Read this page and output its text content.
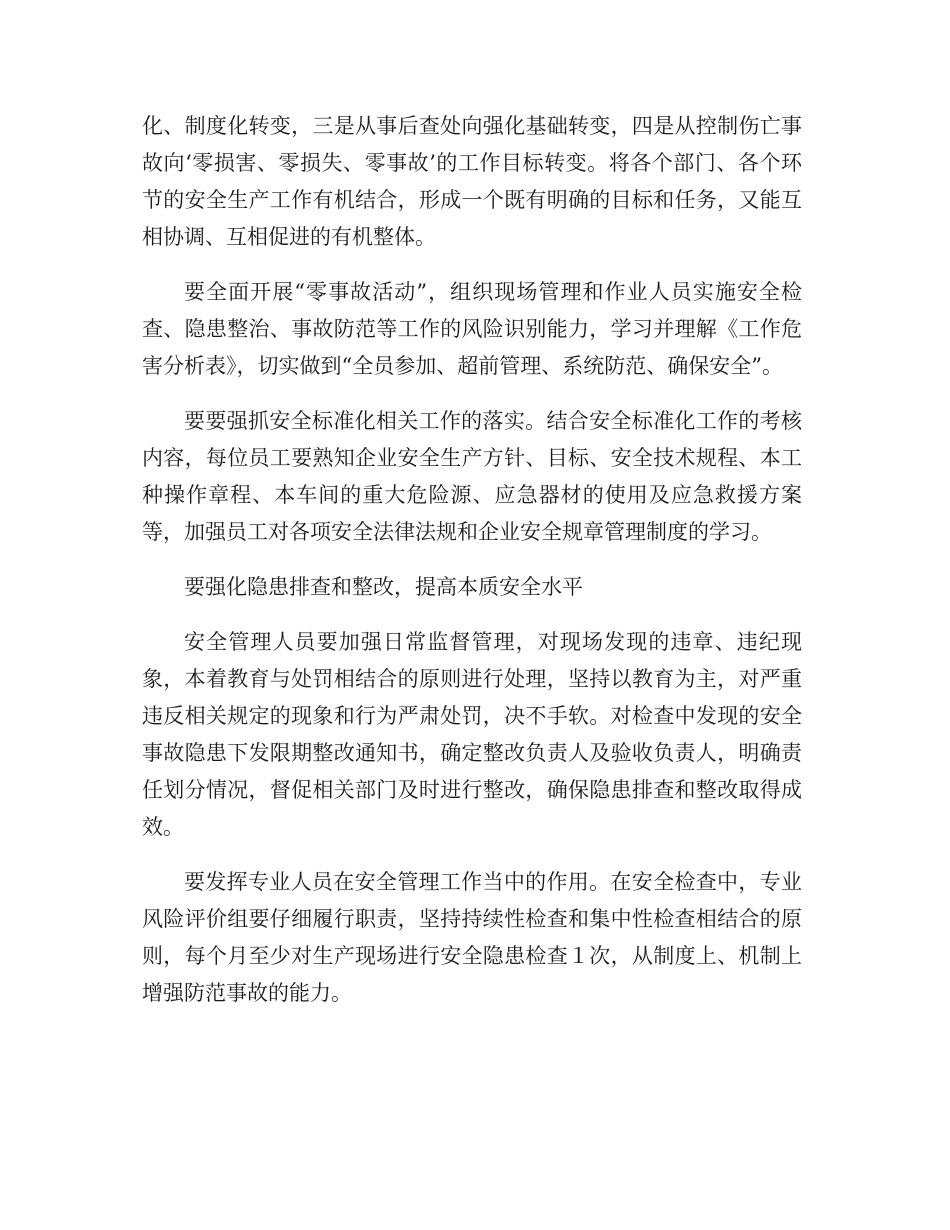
化、制度化转变，三是从事后查处向强化基础转变，四是从控制伤亡事故向‘零损害、零损失、零事故’的工作目标转变。将各个部门、各个环节的安全生产工作有机结合，形成一个既有明确的目标和任务，又能互相协调、互相促进的有机整体。

要全面开展“零事故活动”，组织现场管理和作业人员实施安全检查、隐患整治、事故防范等工作的风险识别能力，学习并理解《工作危害分析表》，切实做到“全员参加、超前管理、系统防范、确保安全”。

要要强抓安全标准化相关工作的落实。结合安全标准化工作的考核内容，每位员工要熟知企业安全生产方针、目标、安全技术规程、本工种操作章程、本车间的重大危险源、应急器材的使用及应急救援方案等，加强员工对各项安全法律法规和企业安全规章管理制度的学习。

要强化隐患排查和整改，提高本质安全水平

安全管理人员要加强日常监督管理，对现场发现的违章、违纪现象，本着教育与处罚相结合的原则进行处理，坚持以教育为主，对严重违反相关规定的现象和行为严肃处罚，决不手软。对检查中发现的安全事故隐患下发限期整改通知书，确定整改负责人及验收负责人，明确责任划分情况，督促相关部门及时进行整改，确保隐患排查和整改取得成效。

要发挥专业人员在安全管理工作当中的作用。在安全检查中，专业风险评价组要仔细履行职责，坚持持续性检查和集中性检查相结合的原则，每个月至少对生产现场进行安全隐患检查１次，从制度上、机制上增强防范事故的能力。
